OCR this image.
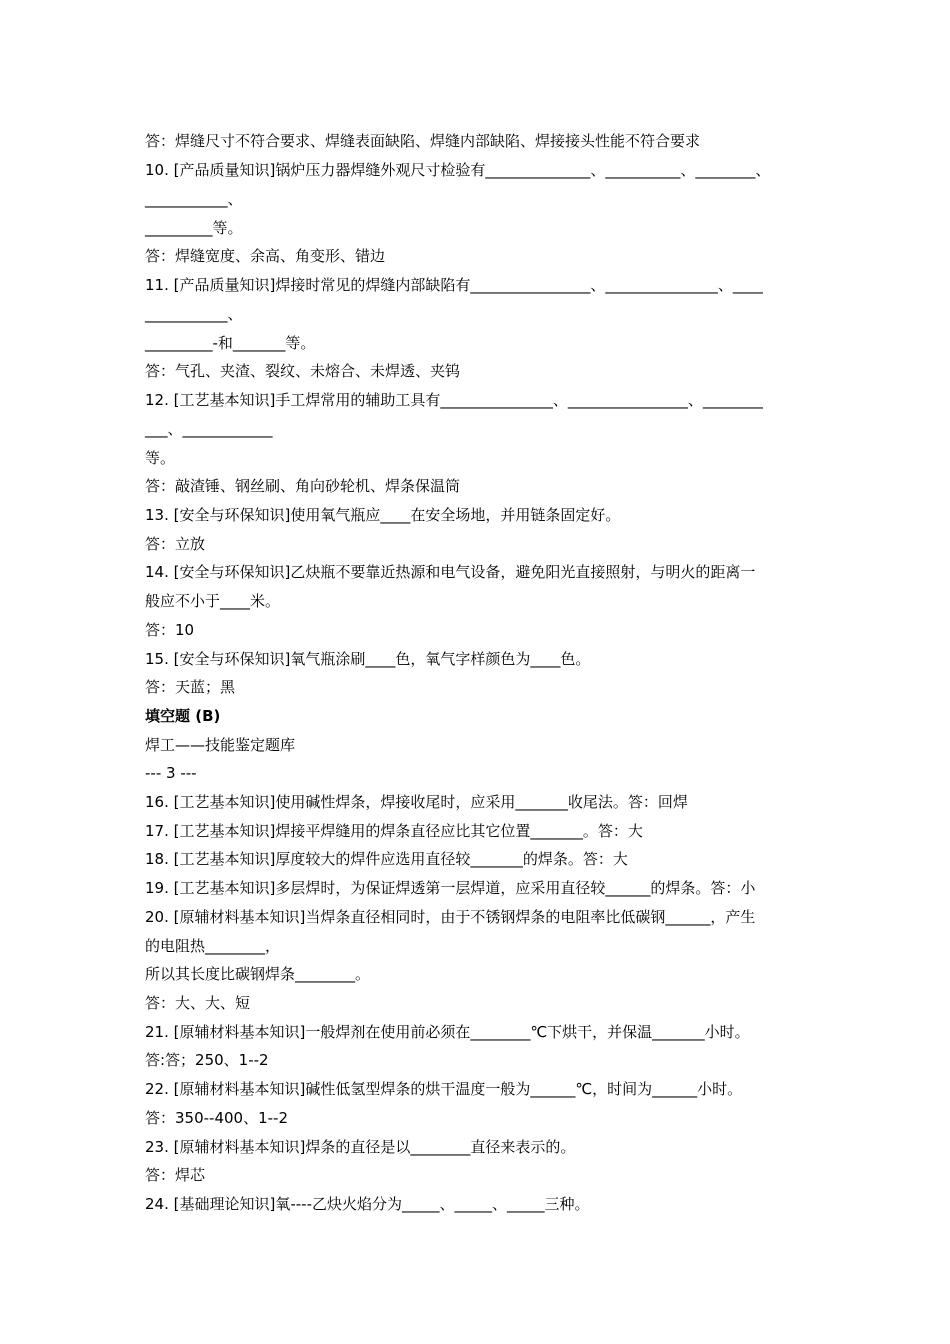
答：焊缝尺寸不符合要求、焊缝表面缺陷、焊缝内部缺陷、焊接接头性能不符合要求
10. [产品质量知识]锅炉压力器焊缝外观尺寸检验有______________、__________、________、
___________、
_________等。
答：焊缝宽度、余高、角变形、错边
11. [产品质量知识]焊接时常见的焊缝内部缺陷有________________、_______________、____
___________、
_________-和_______等。
答：气孔、夹渣、裂纹、未熔合、未焊透、夹钨
12. [工艺基本知识]手工焊常用的辅助工具有_______________、________________、________
___、____________
等。
答：敲渣锤、钢丝刷、角向砂轮机、焊条保温筒
13. [安全与环保知识]使用氧气瓶应____在安全场地，并用链条固定好。
答：立放
14. [安全与环保知识]乙炔瓶不要靠近热源和电气设备，避免阳光直接照射，与明火的距离一
般应不小于____米。
答：10
15. [安全与环保知识]氧气瓶涂刷____色，氧气字样颜色为____色。
答：天蓝；黑
填空题 (B)
焊工——技能鉴定题库
--- 3 ---
16. [工艺基本知识]使用碱性焊条，焊接收尾时，应采用_______收尾法。答：回焊
17. [工艺基本知识]焊接平焊缝用的焊条直径应比其它位置_______。答：大
18. [工艺基本知识]厚度较大的焊件应选用直径较_______的焊条。答：大
19. [工艺基本知识]多层焊时，为保证焊透第一层焊道，应采用直径较______的焊条。答：小
20. [原辅材料基本知识]当焊条直径相同时，由于不锈钢焊条的电阻率比低碳钢______，产生
的电阻热________，
所以其长度比碳钢焊条________。
答：大、大、短
21. [原辅材料基本知识]一般焊剂在使用前必须在________℃下烘干，并保温_______小时。
答:答；250、1--2
22. [原辅材料基本知识]碱性低氢型焊条的烘干温度一般为______℃，时间为______小时。
答：350--400、1--2
23. [原辅材料基本知识]焊条的直径是以________直径来表示的。
答：焊芯
24. [基础理论知识]氧----乙炔火焰分为_____、_____、_____三种。
